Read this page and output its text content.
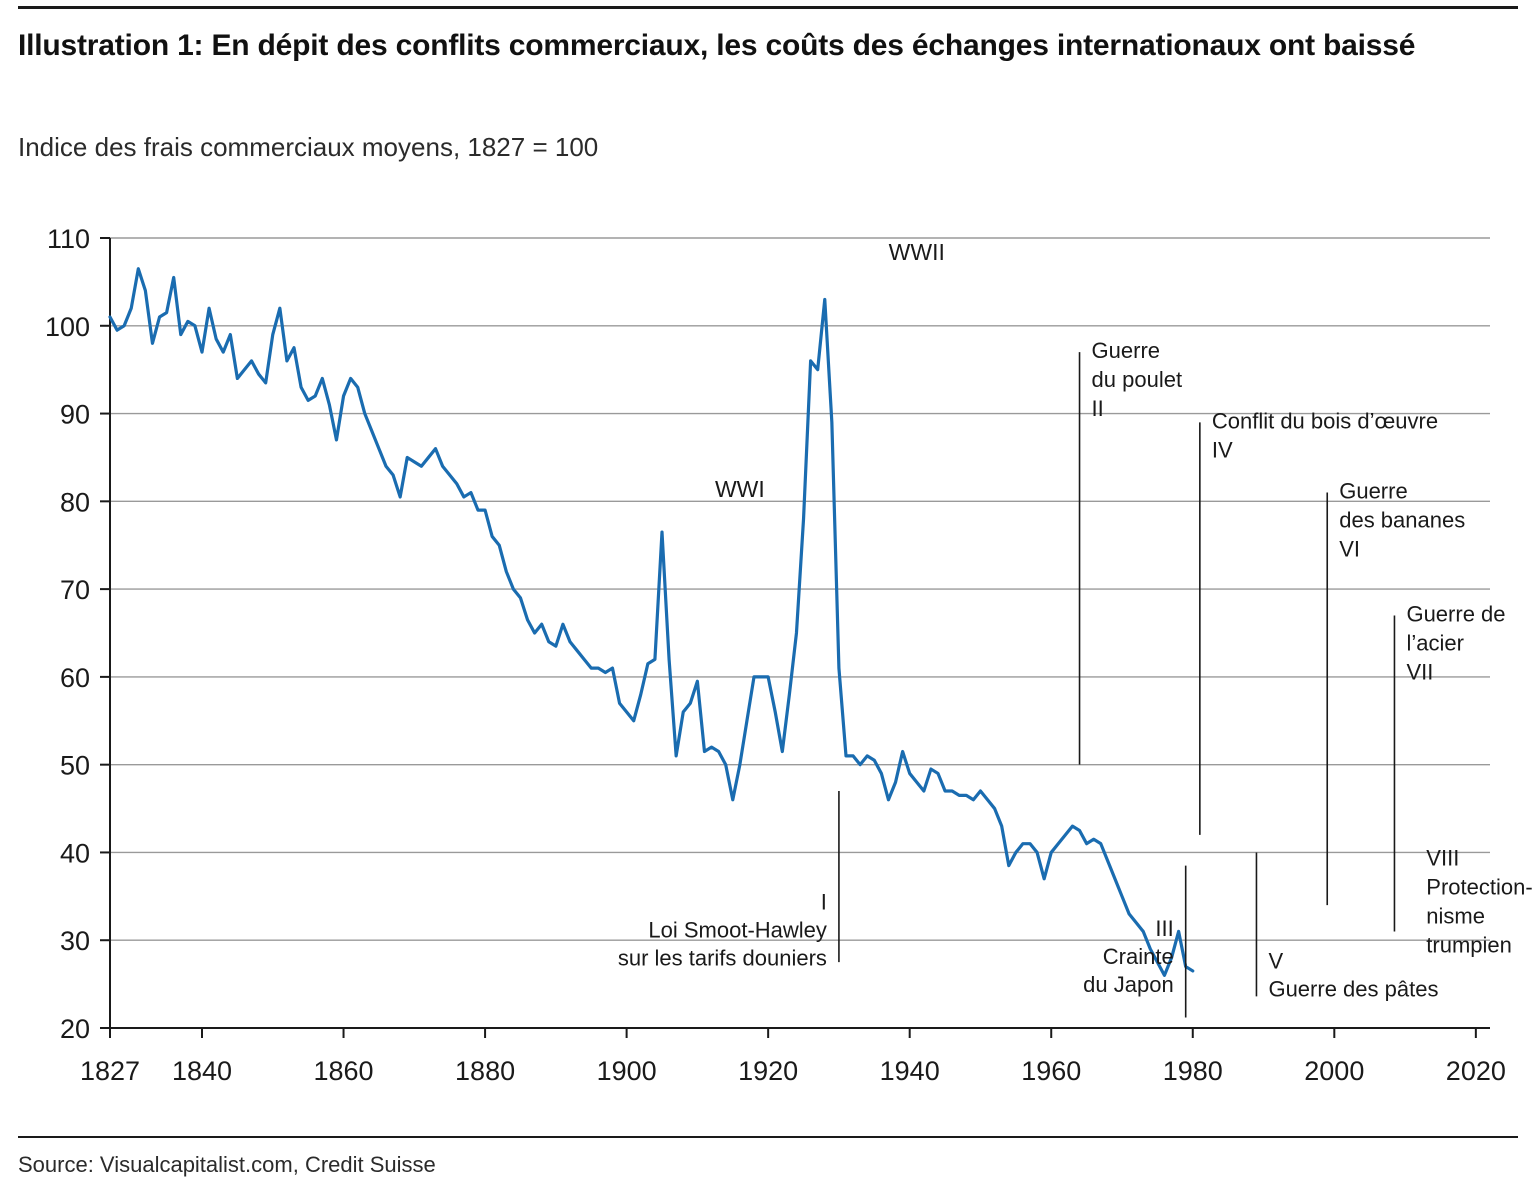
Illustration 1: En dépit des conflits commerciaux, les coûts des échanges internationaux ont baissé
Indice des frais commerciaux moyens, 1827 = 100
20
30
40
50
60
70
80
90
100
110
1827 1840	1860	1880	1900	1920	1940	1960	1980	2000	2020
WWI
WWII
Guerre
du poulet
II	Conflit du bois d’œuvre
IV
Guerre
des bananes
VI
Guerre de
l’acier
VII
VIII
Protection-
nisme
trumpien
I
Loi Smoot-Hawley
sur les tarifs douniers
III
Crainte
du Japon
V
Guerre des pâtes
Source: Visualcapitalist.com, Credit Suisse
